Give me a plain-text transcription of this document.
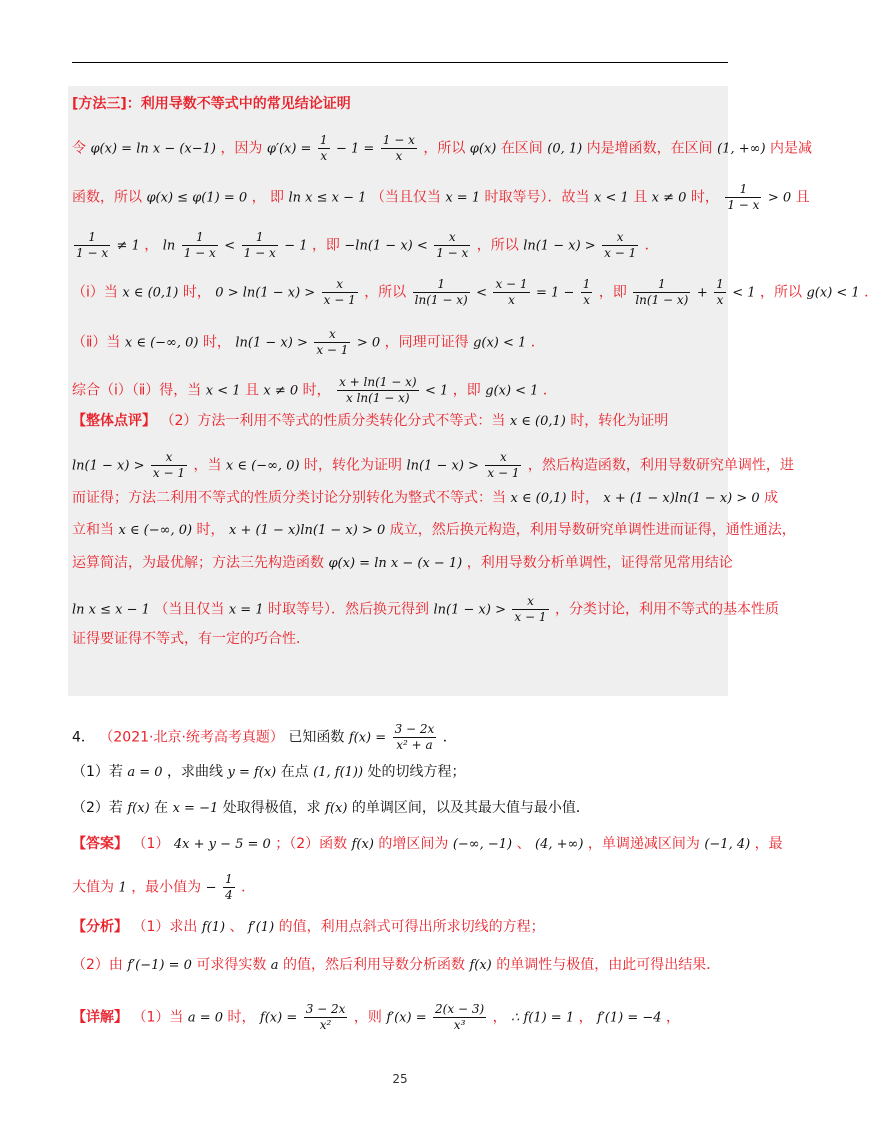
[方法三]：利用导数不等式中的常见结论证明
令 φ(x) = ln x − (x−1) ，因为 $\varphi'(x) = \frac{1}{x} - 1 = \frac{1 - x}{x}$ ，所以 φ(x) 在区间 (0, 1) 内是增函数，在区间 (1, +∞) 内是减
函数，所以 φ(x) ≤ φ(1) = 0 ， 即 ln x ≤ x − 1 （当且仅当 x = 1 时取等号）．故当 x < 1 且 x ≠ 0 时， $\frac{1}{1 - x} > 0$ 且
$\frac{1}{1 - x} \ne 1$ ， $\ln \frac{1}{1 - x} < \frac{1}{1 - x} - 1$ ，即 $-\ln(1 - x) < \frac{x}{1 - x}$ ，所以 $\ln(1 - x) > \frac{x}{x - 1}$ ．
（ⅰ）当 x ∈ (0,1) 时， $0 > \ln(1 - x) > \frac{x}{x - 1}$ ，所以 $\frac{1}{\ln(1 - x)} < \frac{x - 1}{x} = 1 - \frac{1}{x}$ ，即 $\frac{1}{\ln(1 - x)} + \frac{1}{x} < 1$ ，所以 g(x) < 1 ．
（ⅱ）当 x ∈ (−∞, 0) 时， $\ln(1 - x) > \frac{x}{x - 1} > 0$ ，同理可证得 g(x) < 1 ．
综合（ⅰ）（ⅱ）得，当 x < 1 且 x ≠ 0 时， $\frac{x + \ln(1 - x)}{\text{x ln(1 − x)}} < 1$ ，即 g(x) < 1 ．
【整体点评】 （2）方法一利用不等式的性质分类转化分式不等式：当 x ∈ (0,1) 时，转化为证明
$\ln(1 - x) > \frac{x}{x - 1}$ ，当 x ∈ (−∞, 0) 时，转化为证明 $\ln(1 - x) > \frac{x}{x - 1}$ ，然后构造函数，利用导数研究单调性，进
而证得；方法二利用不等式的性质分类讨论分别转化为整式不等式：当 x ∈ (0,1) 时， x + (1 − x)ln(1 − x) > 0 成
立和当 x ∈ (−∞, 0) 时， x + (1 − x)ln(1 − x) > 0 成立，然后换元构造，利用导数研究单调性进而证得，通性通法，
运算简洁，为最优解；方法三先构造函数 φ(x) = ln x − (x − 1) ，利用导数分析单调性，证得常见常用结论
ln x ≤ x − 1 （当且仅当 x = 1 时取等号）．然后换元得到 $\ln(1 - x) > \frac{x}{x - 1}$ ，分类讨论，利用不等式的基本性质
证得要证得不等式，有一定的巧合性．
4． （2021·北京·统考高考真题） 已知函数 $f(x) = \frac{3 - 2x}{\text{x² + a}}$ ．
（1）若 a = 0 ，求曲线 y = f(x) 在点 (1, f(1)) 处的切线方程；
（2）若 f(x) 在 x = −1 处取得极值，求 f(x) 的单调区间，以及其最大值与最小值．
【答案】 （1） 4x + y − 5 = 0 ；（2）函数 f(x) 的增区间为 (−∞, −1) 、 (4, +∞) ，单调递减区间为 (−1, 4) ，最
大值为 1 ，最小值为 − $\frac{1}{4}$ ．
【分析】 （1）求出 f(1) 、 f′(1) 的值，利用点斜式可得出所求切线的方程；
（2）由 f′(−1) = 0 可求得实数 a 的值，然后利用导数分析函数 f(x) 的单调性与极值，由此可得出结果．
【详解】 （1）当 a = 0 时， $f(x) = \frac{3 - 2x}{\text{x²}}$ ，则 $f'(x) = \frac{2(x - 3)}{\text{x³}}$ ， ∴ f(1) = 1 ， f′(1) = −4 ，
25
